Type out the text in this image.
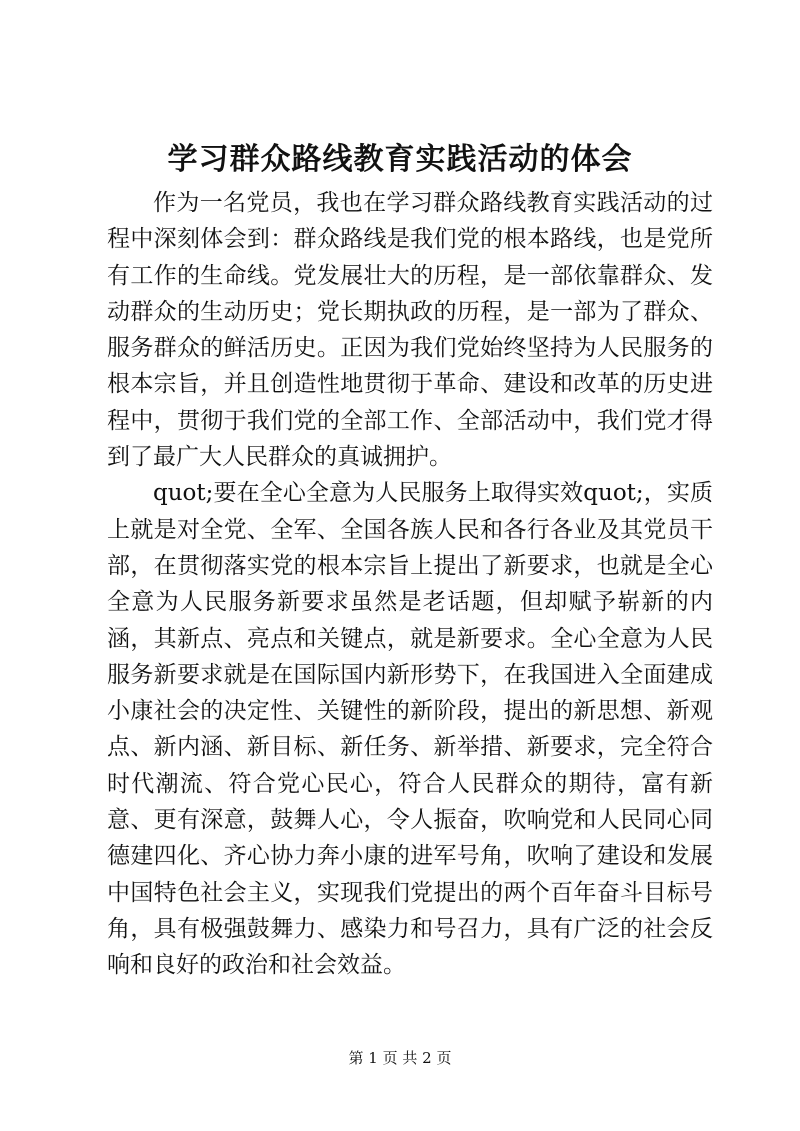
学习群众路线教育实践活动的体会

作为一名党员，我也在学习群众路线教育实践活动的过程中深刻体会到：群众路线是我们党的根本路线，也是党所有工作的生命线。党发展壮大的历程，是一部依靠群众、发动群众的生动历史；党长期执政的历程，是一部为了群众、服务群众的鲜活历史。正因为我们党始终坚持为人民服务的根本宗旨，并且创造性地贯彻于革命、建设和改革的历史进程中，贯彻于我们党的全部工作、全部活动中，我们党才得到了最广大人民群众的真诚拥护。

quot;要在全心全意为人民服务上取得实效quot;，实质上就是对全党、全军、全国各族人民和各行各业及其党员干部，在贯彻落实党的根本宗旨上提出了新要求，也就是全心全意为人民服务新要求虽然是老话题，但却赋予崭新的内涵，其新点、亮点和关键点，就是新要求。全心全意为人民服务新要求就是在国际国内新形势下，在我国进入全面建成小康社会的决定性、关键性的新阶段，提出的新思想、新观点、新内涵、新目标、新任务、新举措、新要求，完全符合时代潮流、符合党心民心，符合人民群众的期待，富有新意、更有深意，鼓舞人心，令人振奋，吹响党和人民同心同德建四化、齐心协力奔小康的进军号角，吹响了建设和发展中国特色社会主义，实现我们党提出的两个百年奋斗目标号角，具有极强鼓舞力、感染力和号召力，具有广泛的社会反响和良好的政治和社会效益。

第 1 页 共 2 页
